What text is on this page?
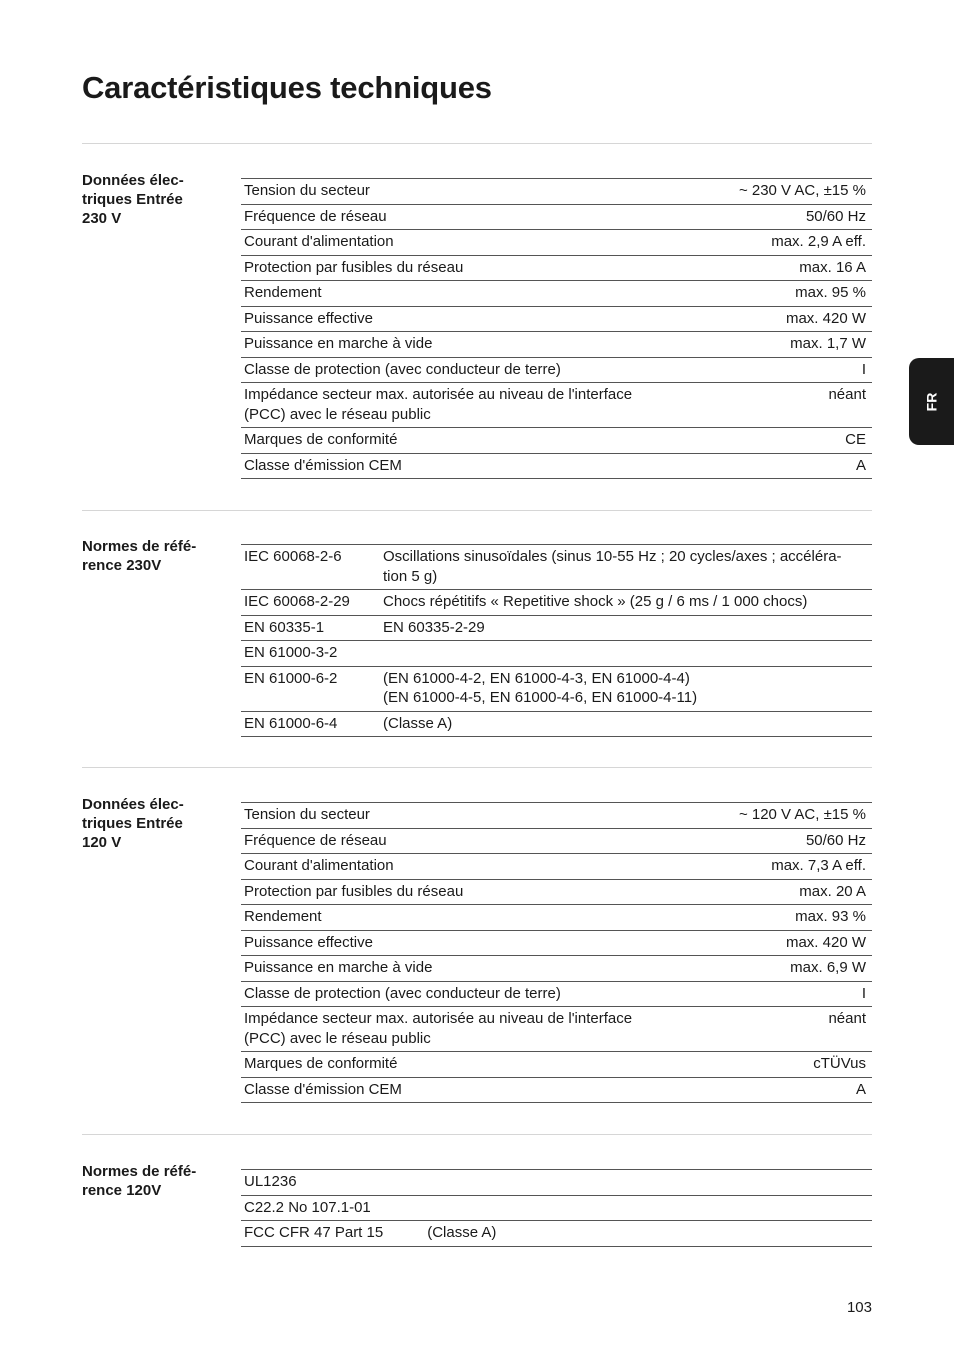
Caractéristiques techniques
Données élec-
triques Entrée
230 V
Tension du secteur	~ 230 V AC, ±15 %
Fréquence de réseau	50/60 Hz
Courant d'alimentation	max. 2,9 A eff.
Protection par fusibles du réseau	max. 16 A
Rendement	max. 95 %
Puissance effective	max. 420 W
Puissance en marche à vide	max. 1,7 W
Classe de protection (avec conducteur de terre)	I
Impédance secteur max. autorisée au niveau de l'interface
(PCC) avec le réseau public	néant
Marques de conformité	CE
Classe d'émission CEM	A
Normes de réfé-
rence 230V
IEC 60068-2-6	Oscillations sinusoïdales (sinus 10-55 Hz ; 20 cycles/axes ; accéléra-
tion 5 g)
IEC 60068-2-29	Chocs répétitifs « Repetitive shock » (25 g / 6 ms / 1 000 chocs)
EN 60335-1	EN 60335-2-29
EN 61000-3-2	
EN 61000-6-2	(EN 61000-4-2, EN 61000-4-3, EN 61000-4-4)
(EN 61000-4-5, EN 61000-4-6, EN 61000-4-11)
EN 61000-6-4	(Classe A)
Données élec-
triques Entrée
120 V
Tension du secteur	~ 120 V AC, ±15 %
Fréquence de réseau	50/60 Hz
Courant d'alimentation	max. 7,3 A eff.
Protection par fusibles du réseau	max. 20 A
Rendement	max. 93 %
Puissance effective	max. 420 W
Puissance en marche à vide	max. 6,9 W
Classe de protection (avec conducteur de terre)	I
Impédance secteur max. autorisée au niveau de l'interface
(PCC) avec le réseau public	néant
Marques de conformité	cTÜVus
Classe d'émission CEM	A
Normes de réfé-
rence 120V
UL1236
C22.2 No 107.1-01
FCC CFR 47 Part 15	(Classe A)
FR
103
